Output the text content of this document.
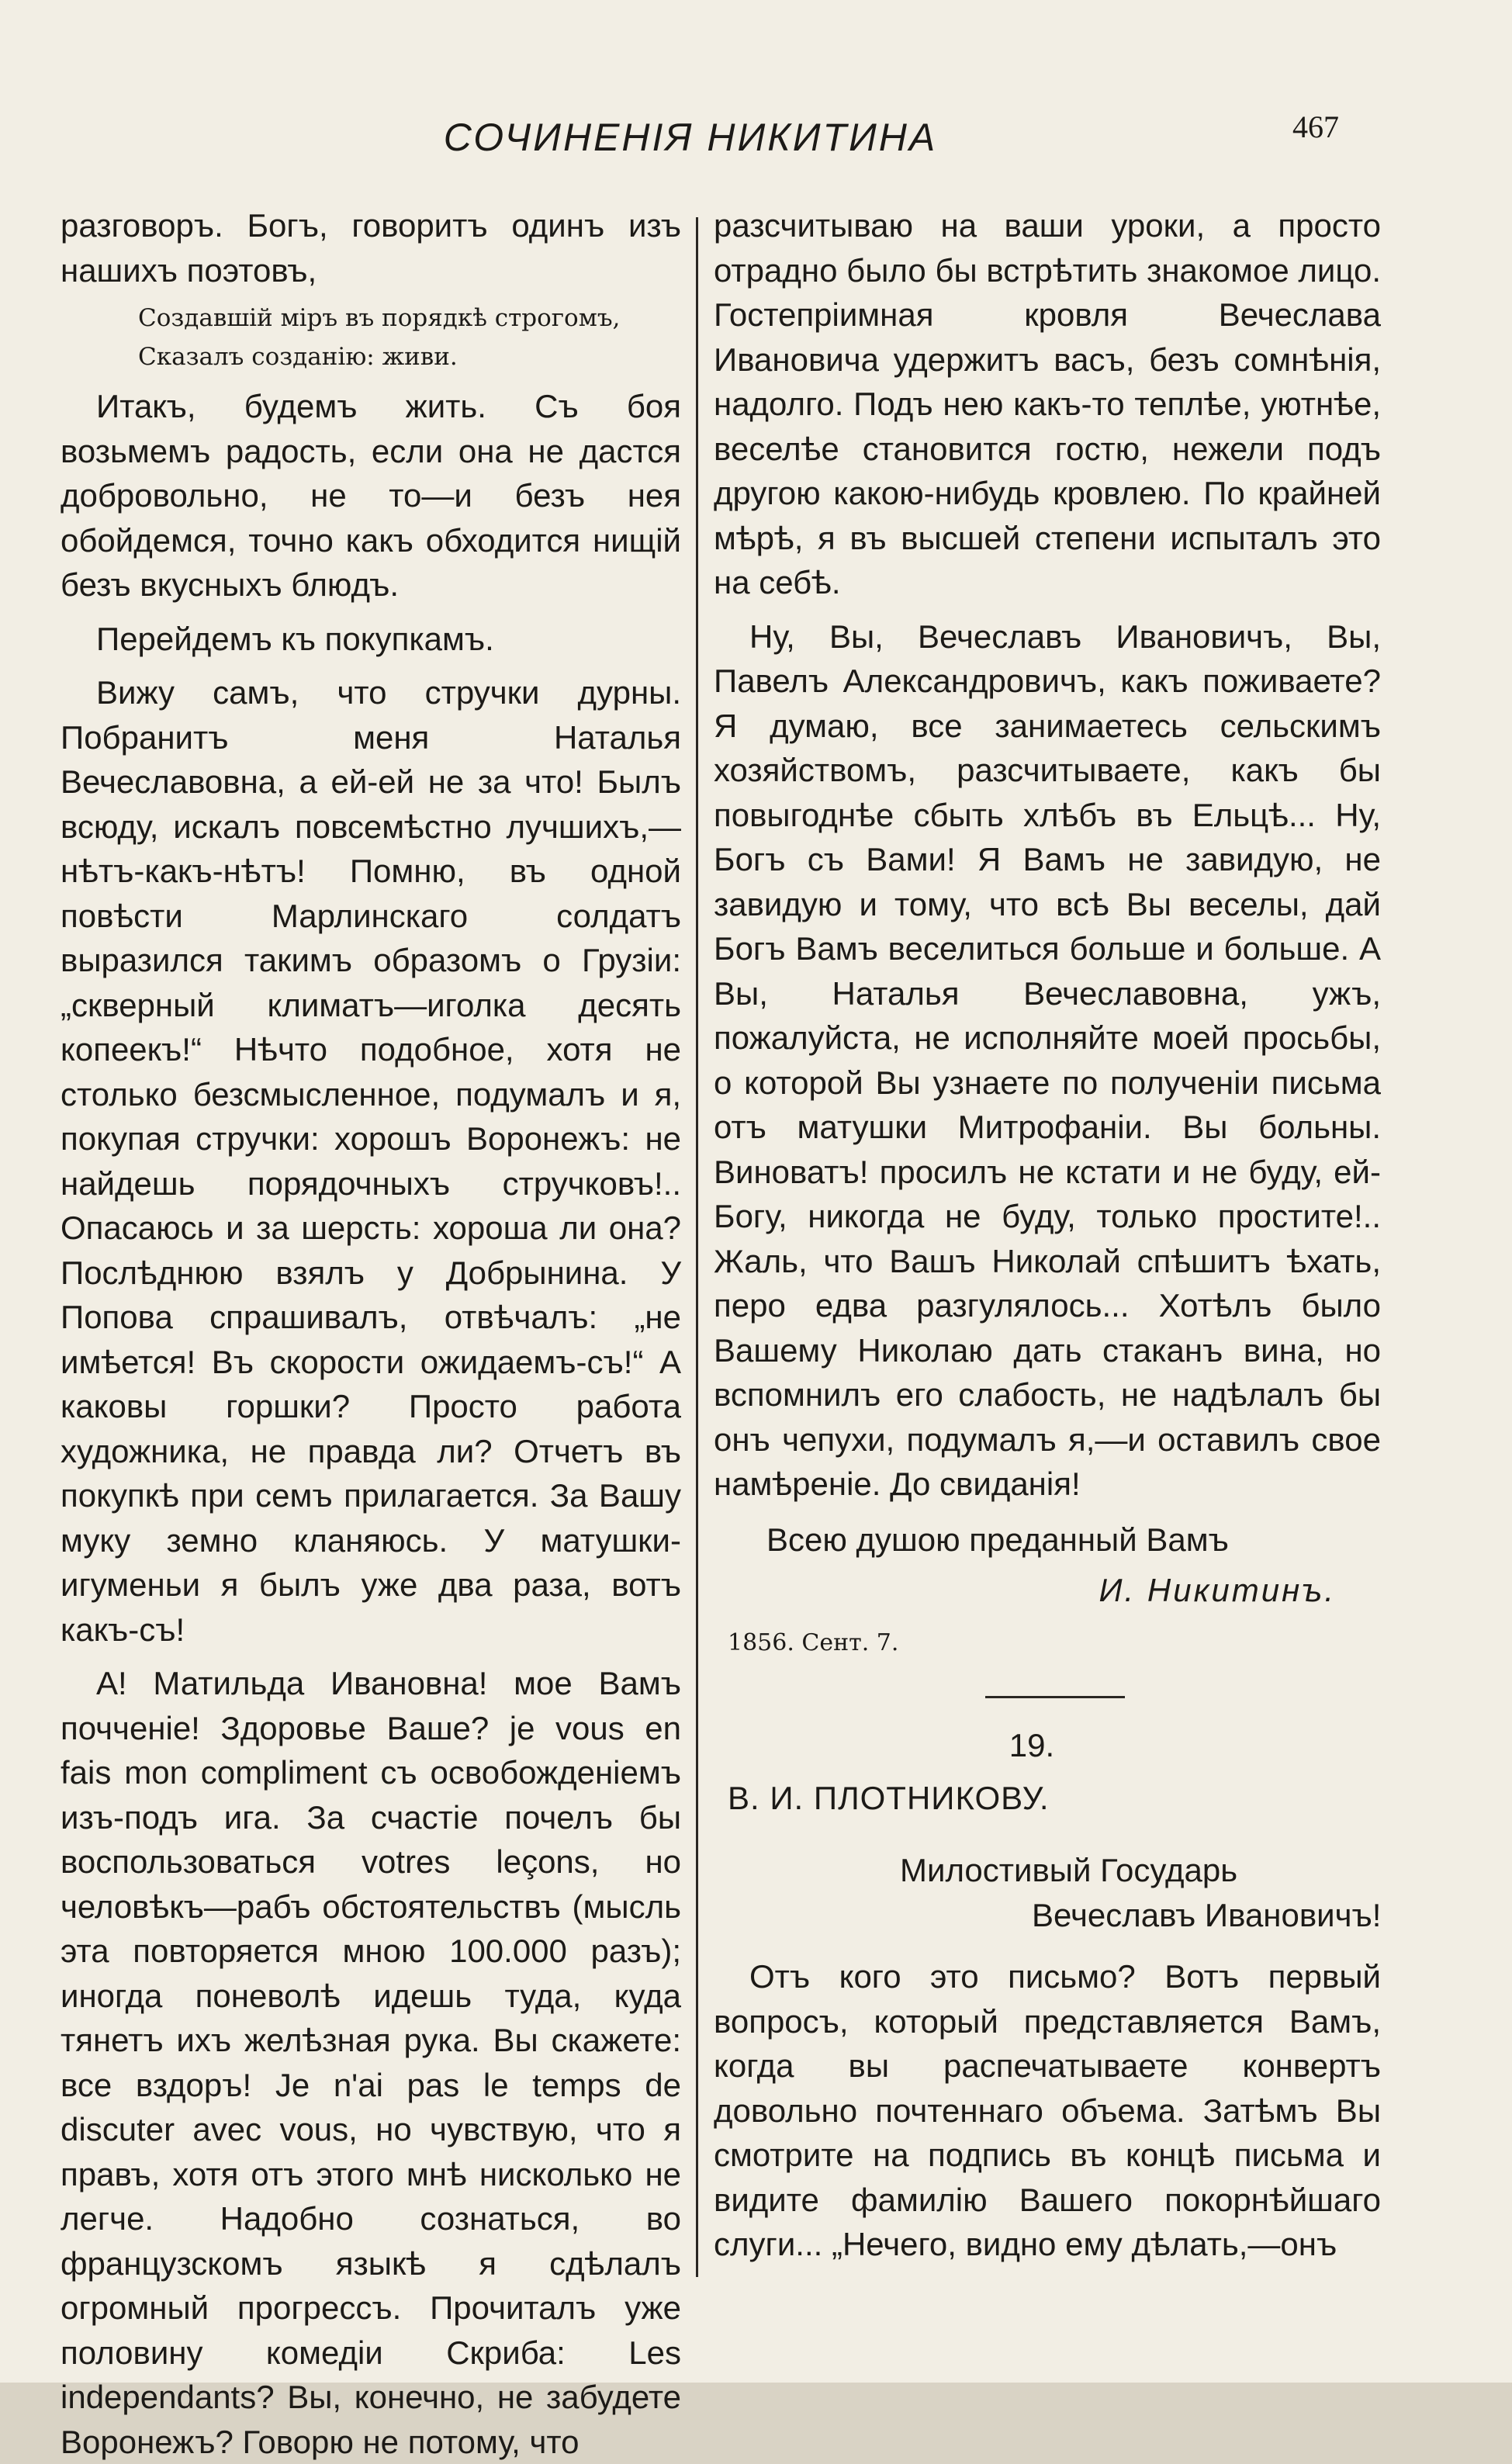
СОЧИНЕНІЯ НИКИТИНА	467

разговоръ. Богъ, говоритъ одинъ изъ нашихъ поэтовъ,

Создавшій міръ въ порядкѣ строгомъ,
Сказалъ созданію: живи.

Итакъ, будемъ жить. Съ боя возьмемъ радость, если она не дастся добровольно, не то—и безъ нея обойдемся, точно какъ обходится нищій безъ вкусныхъ блюдъ.

Перейдемъ къ покупкамъ.

Вижу самъ, что стручки дурны. Побранитъ меня Наталья Вечеславовна, а ей-ей не за что! Былъ всюду, искалъ повсемѣстно лучшихъ,—нѣтъ-какъ-нѣтъ! Помню, въ одной повѣсти Марлинскаго солдатъ выразился такимъ образомъ о Грузіи: „скверный климатъ—иголка десять копеекъ!“ Нѣчто подобное, хотя не столько безсмысленное, подумалъ и я, покупая стручки: хорошъ Воронежъ: не найдешь порядочныхъ стручковъ!.. Опасаюсь и за шерсть: хороша ли она? Послѣднюю взялъ у Добрынина. У Попова спрашивалъ, отвѣчалъ: „не имѣется! Въ скорости ожидаемъ-съ!“ А каковы горшки? Просто работа художника, не правда ли? Отчетъ въ покупкѣ при семъ прилагается. За Вашу муку земно кланяюсь. У матушки-игуменьи я былъ уже два раза, вотъ какъ-съ!

А! Матильда Ивановна! мое Вамъ почченіе! Здоровье Ваше? je vous en fais mon compliment съ освобожденіемъ изъ-подъ ига. За счастіе почелъ бы воспользоваться votres leçons, но человѣкъ—рабъ обстоятельствъ (мысль эта повторяется мною 100.000 разъ); иногда поневолѣ идешь туда, куда тянетъ ихъ желѣзная рука. Вы скажете: все вздоръ! Je n'ai pas le temps de discuter avec vous, но чувствую, что я правъ, хотя отъ этого мнѣ нисколько не легче. Надобно сознаться, во французскомъ языкѣ я сдѣлалъ огромный прогрессъ. Прочиталъ уже половину комедіи Скриба: Les independants? Вы, конечно, не забудете Воронежъ? Говорю не потому, что

разсчитываю на ваши уроки, а просто отрадно было бы встрѣтить знакомое лицо. Гостепріимная кровля Вечеслава Ивановича удержитъ васъ, безъ сомнѣнія, надолго. Подъ нею какъ-то теплѣе, уютнѣе, веселѣе становится гостю, нежели подъ другою какою-нибудь кровлею. По крайней мѣрѣ, я въ высшей степени испыталъ это на себѣ.

Ну, Вы, Вечеславъ Ивановичъ, Вы, Павелъ Александровичъ, какъ поживаете? Я думаю, все занимаетесь сельскимъ хозяйствомъ, разсчитываете, какъ бы повыгоднѣе сбыть хлѣбъ въ Ельцѣ... Ну, Богъ съ Вами! Я Вамъ не завидую, не завидую и тому, что всѣ Вы веселы, дай Богъ Вамъ веселиться больше и больше. А Вы, Наталья Вечеславовна, ужъ, пожалуйста, не исполняйте моей просьбы, о которой Вы узнаете по полученіи письма отъ матушки Митрофаніи. Вы больны. Виноватъ! просилъ не кстати и не буду, ей-Богу, никогда не буду, только простите!.. Жаль, что Вашъ Николай спѣшитъ ѣхать, перо едва разгулялось... Хотѣлъ было Вашему Николаю дать стаканъ вина, но вспомнилъ его слабость, не надѣлалъ бы онъ чепухи, подумалъ я,—и оставилъ свое намѣреніе. До свиданія!

Всею душою преданный Вамъ
И. Никитинъ.
1856. Сент. 7.
19.
В. И. ПЛОТНИКОВУ.
Милостивый Государь
Вечеславъ Ивановичъ!

Отъ кого это письмо? Вотъ первый вопросъ, который представляется Вамъ, когда вы распечатываете конвертъ довольно почтеннаго объема. Затѣмъ Вы смотрите на подпись въ концѣ письма и видите фамилію Вашего покорнѣйшаго слуги... „Нечего, видно ему дѣлать,—онъ
